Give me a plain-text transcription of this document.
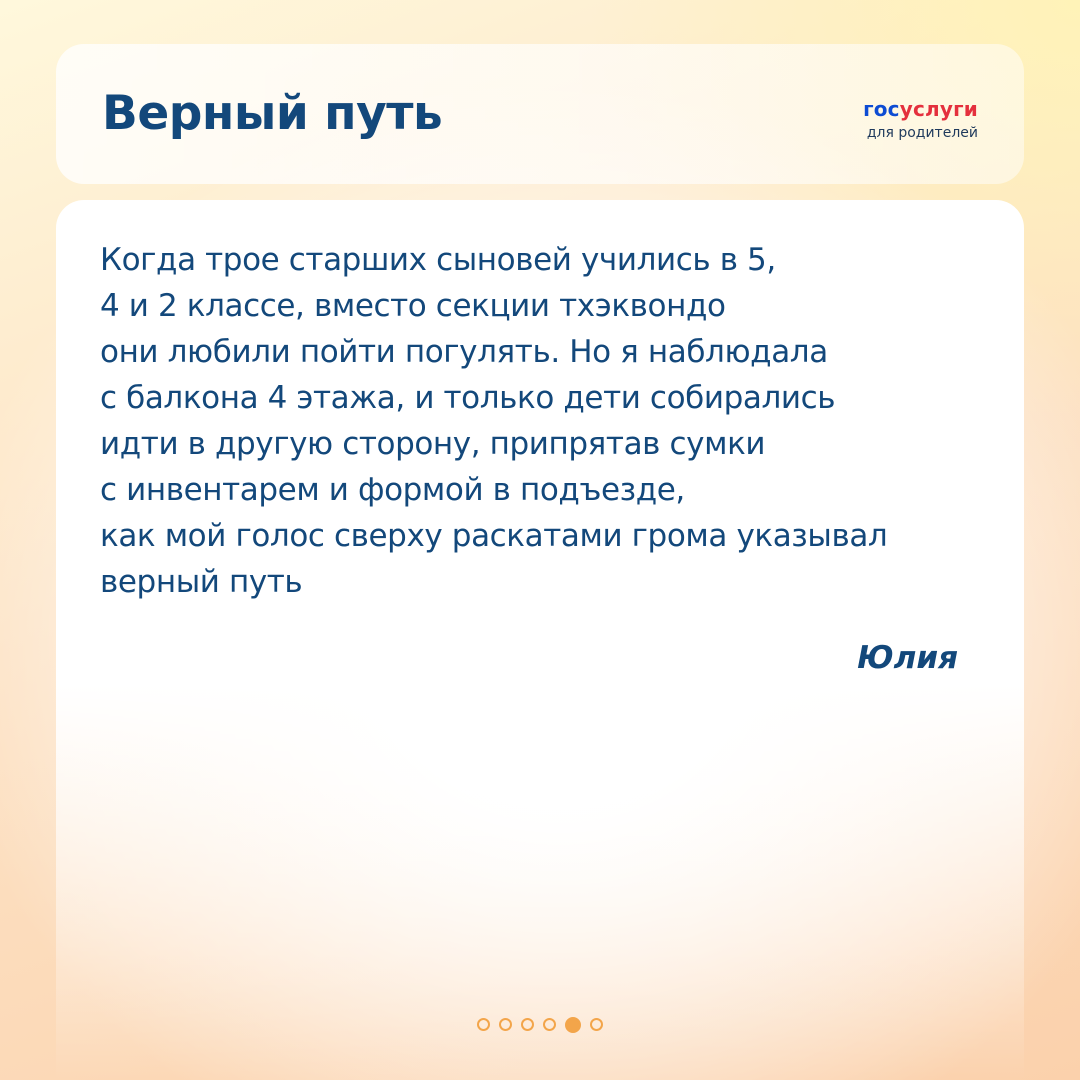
Верный путь	госуслуги
для родителей
Когда трое старших сыновей учились в 5,
4 и 2 классе, вместо секции тхэквондо
они любили пойти погулять. Но я наблюдала
с балкона 4 этажа, и только дети собирались
идти в другую сторону, припрятав сумки
с инвентарем и формой в подъезде,
как мой голос сверху раскатами грома указывал
верный путь
Юлия
